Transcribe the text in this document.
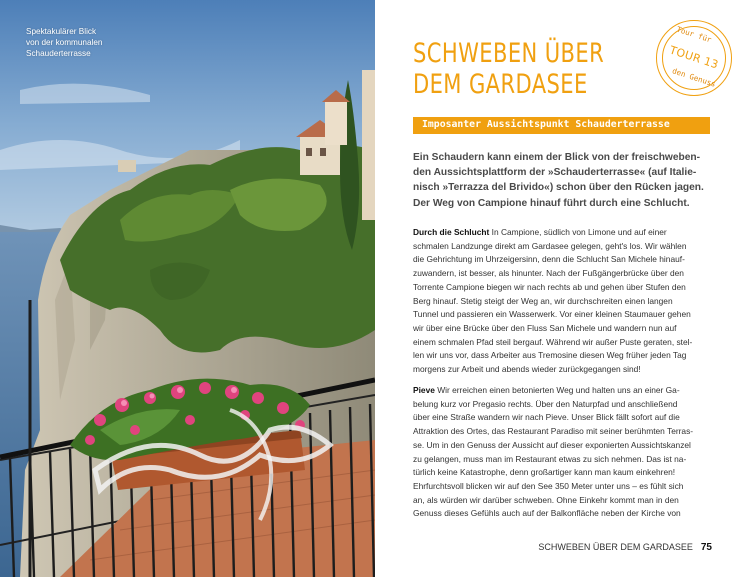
Spektakulärer Blick
von der kommunalen
Schauderterrasse	SCHWEBEN ÜBER
DEM GARDASEE
Tour für
TOUR 13
den Genuss
Imposanter Aussichtspunkt Schauderterrasse
Ein Schaudern kann einem der Blick von der freischweben-
den Aussichtsplattform der »Schauderterrasse« (auf Italie-
nisch »Terrazza del Brivido«) schon über den Rücken jagen.
Der Weg von Campione hinauf führt durch eine Schlucht.
Durch die Schlucht In Campione, südlich von Limone und auf einer
schmalen Landzunge direkt am Gardasee gelegen, geht's los. Wir wählen
die Gehrichtung im Uhrzeigersinn, denn die Schlucht San Michele hinauf-
zuwandern, ist besser, als hinunter. Nach der Fußgängerbrücke über den
Torrente Campione biegen wir nach rechts ab und gehen über Stufen den
Berg hinauf. Stetig steigt der Weg an, wir durchschreiten einen langen
Tunnel und passieren ein Wasserwerk. Vor einer kleinen Staumauer gehen
wir über eine Brücke über den Fluss San Michele und wandern nun auf
einem schmalen Pfad steil bergauf. Während wir außer Puste geraten, stel-
len wir uns vor, dass Arbeiter aus Tremosine diesen Weg früher jeden Tag
morgens zur Arbeit und abends wieder zurückgegangen sind!
Pieve Wir erreichen einen betonierten Weg und halten uns an einer Ga-
belung kurz vor Pregasio rechts. Über den Naturpfad und anschließend
über eine Straße wandern wir nach Pieve. Unser Blick fällt sofort auf die
Attraktion des Ortes, das Restaurant Paradiso mit seiner berühmten Terras-
se. Um in den Genuss der Aussicht auf dieser exponierten Aussichtskanzel
zu gelangen, muss man im Restaurant etwas zu sich nehmen. Das ist na-
türlich keine Katastrophe, denn großartiger kann man kaum einkehren!
Ehrfurchtsvoll blicken wir auf den See 350 Meter unter uns – es fühlt sich
an, als würden wir darüber schweben. Ohne Einkehr kommt man in den
Genuss dieses Gefühls auch auf der Balkonfläche neben der Kirche von
SCHWEBEN ÜBER DEM GARDASEE 75
